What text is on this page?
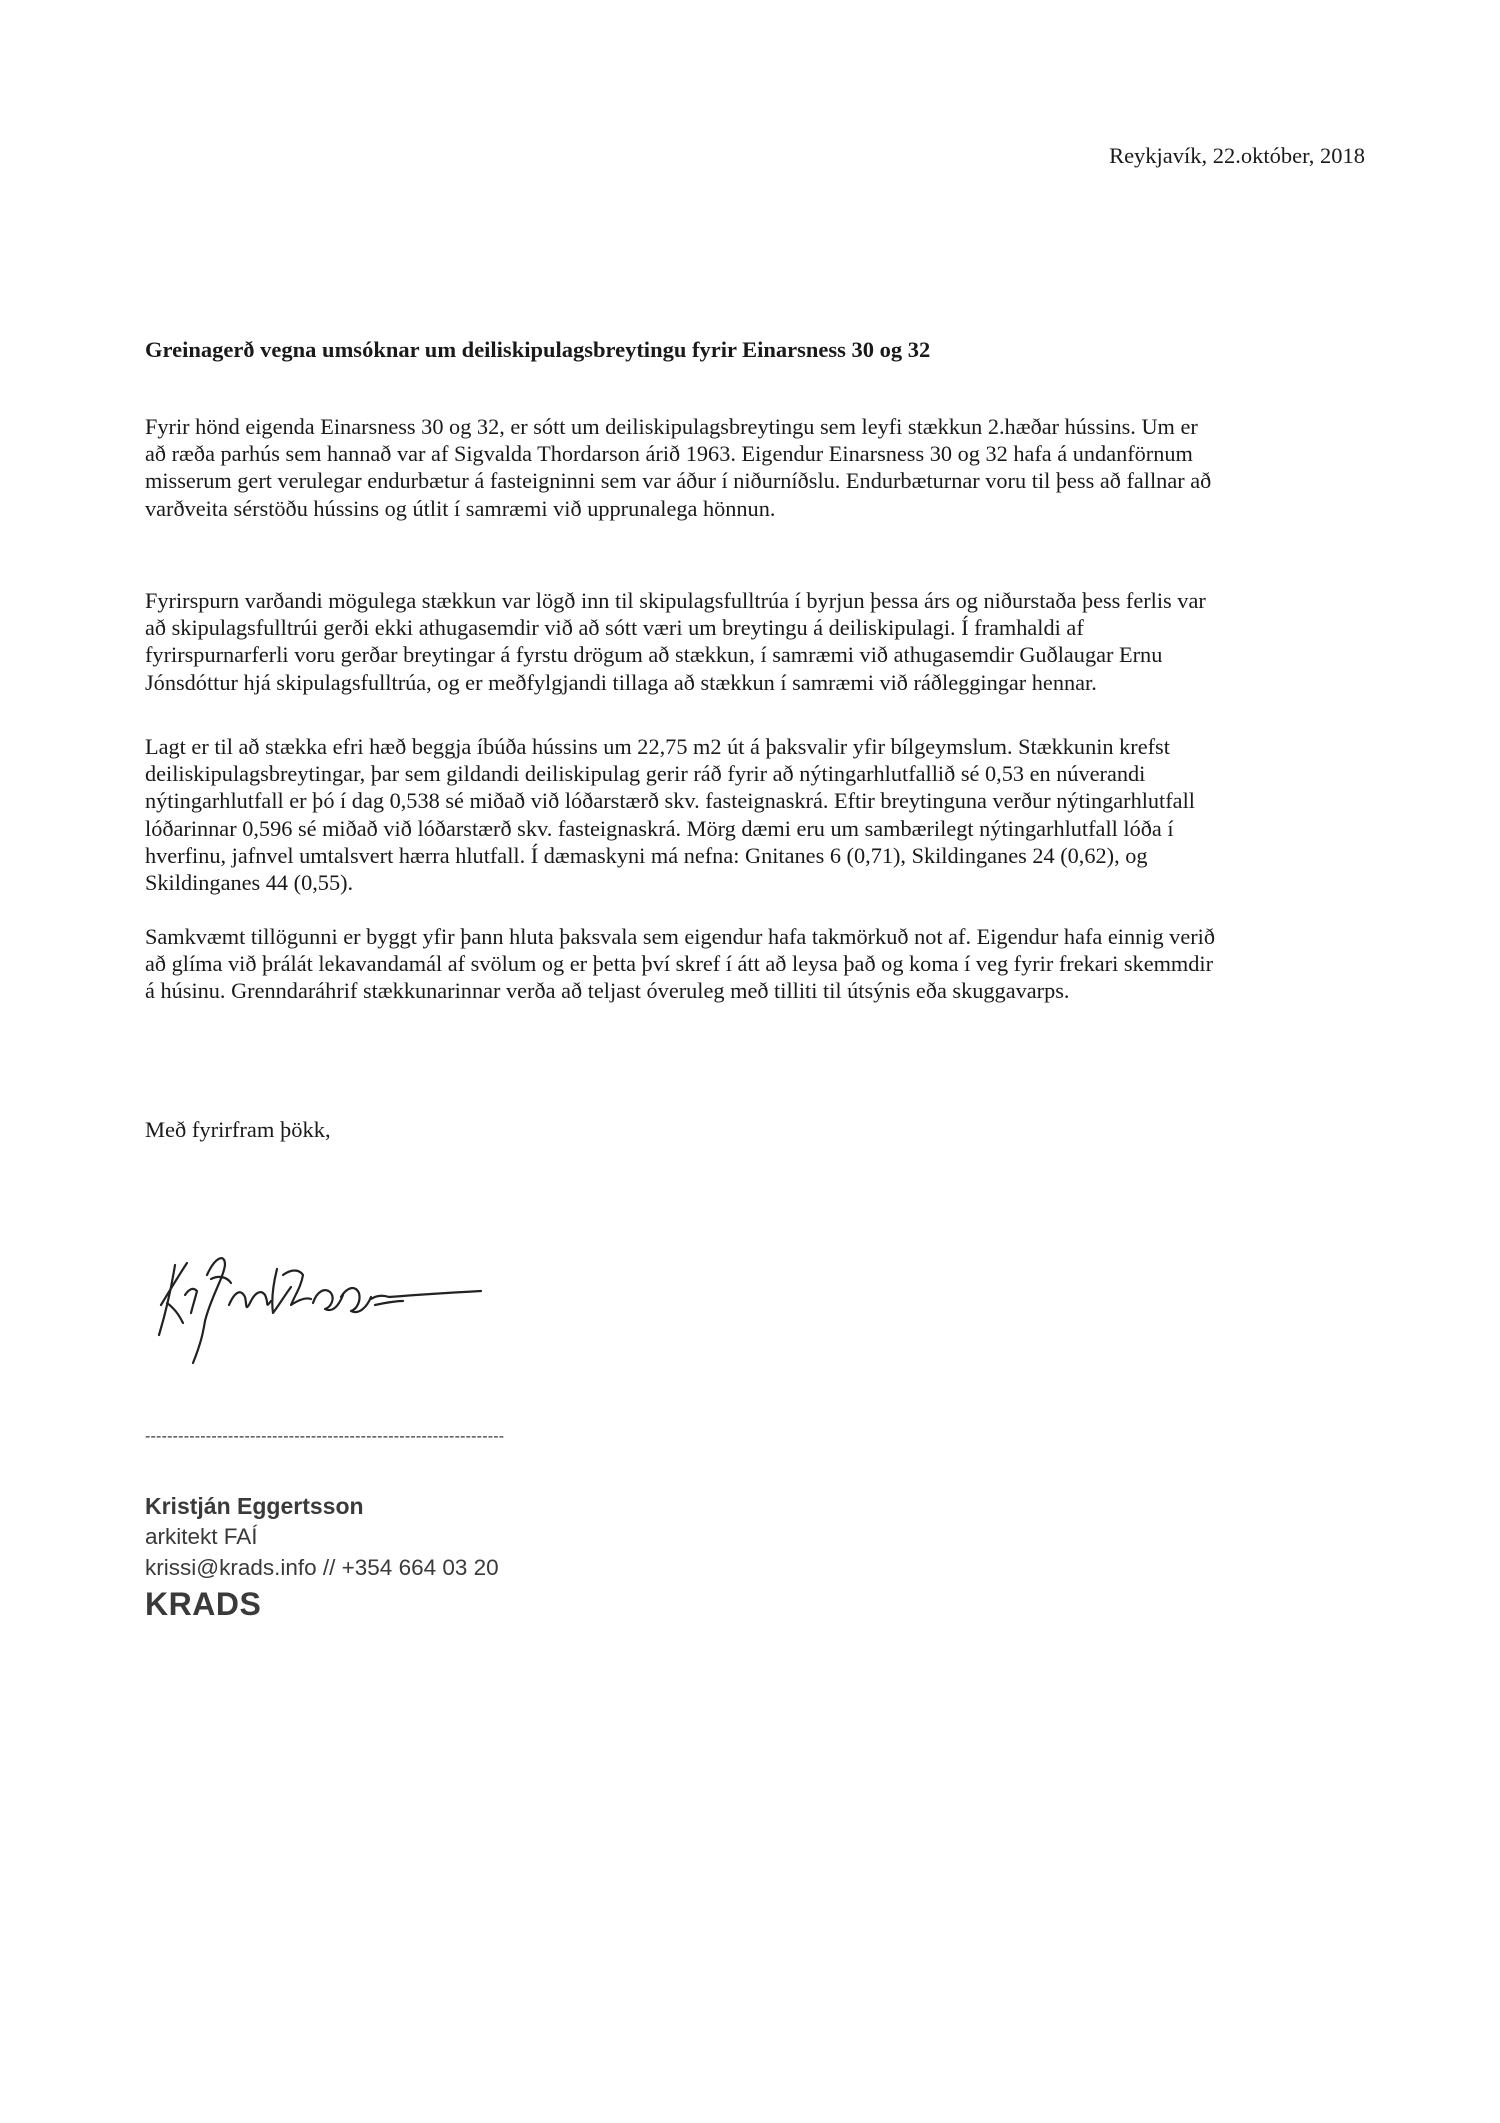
Reykjavík, 22.október, 2018
Greinagerð vegna umsóknar um deiliskipulagsbreytingu fyrir Einarsness 30 og 32
Fyrir hönd eigenda Einarsness 30 og 32, er sótt um deiliskipulagsbreytingu sem leyfi stækkun 2.hæðar hússins. Um er
að ræða parhús sem hannað var af Sigvalda Thordarson árið 1963. Eigendur Einarsness 30 og 32 hafa á undanförnum
misserum gert verulegar endurbætur á fasteigninni sem var áður í niðurníðslu. Endurbæturnar voru til þess að fallnar að
varðveita sérstöðu hússins og útlit í samræmi við upprunalega hönnun.
Fyrirspurn varðandi mögulega stækkun var lögð inn til skipulagsfulltrúa í byrjun þessa árs og niðurstaða þess ferlis var
að skipulagsfulltrúi gerði ekki athugasemdir við að sótt væri um breytingu á deiliskipulagi. Í framhaldi af
fyrirspurnarferli voru gerðar breytingar á fyrstu drögum að stækkun, í samræmi við athugasemdir Guðlaugar Ernu
Jónsdóttur hjá skipulagsfulltrúa, og er meðfylgjandi tillaga að stækkun í samræmi við ráðleggingar hennar.
Lagt er til að stækka efri hæð beggja íbúða hússins um 22,75 m2 út á þaksvalir yfir bílgeymslum. Stækkunin krefst
deiliskipulagsbreytingar, þar sem gildandi deiliskipulag gerir ráð fyrir að nýtingarhlutfallið sé 0,53 en núverandi
nýtingarhlutfall er þó í dag 0,538 sé miðað við lóðarstærð skv. fasteignaskrá. Eftir breytinguna verður nýtingarhlutfall
lóðarinnar 0,596 sé miðað við lóðarstærð skv. fasteignaskrá. Mörg dæmi eru um sambærilegt nýtingarhlutfall lóða í
hverfinu, jafnvel umtalsvert hærra hlutfall. Í dæmaskyni má nefna: Gnitanes 6 (0,71), Skildinganes 24 (0,62), og
Skildinganes 44 (0,55).
Samkvæmt tillögunni er byggt yfir þann hluta þaksvala sem eigendur hafa takmörkuð not af. Eigendur hafa einnig verið
að glíma við þrálát lekavandamál af svölum og er þetta því skref í átt að leysa það og koma í veg fyrir frekari skemmdir
á húsinu. Grenndaráhrif stækkunarinnar verða að teljast óveruleg með tilliti til útsýnis eða skuggavarps.
Með fyrirfram þökk,
-----------------------------------------------------------------
Kristján Eggertsson
arkitekt FAÍ
krissi@krads.info // +354 664 03 20
KRADS
